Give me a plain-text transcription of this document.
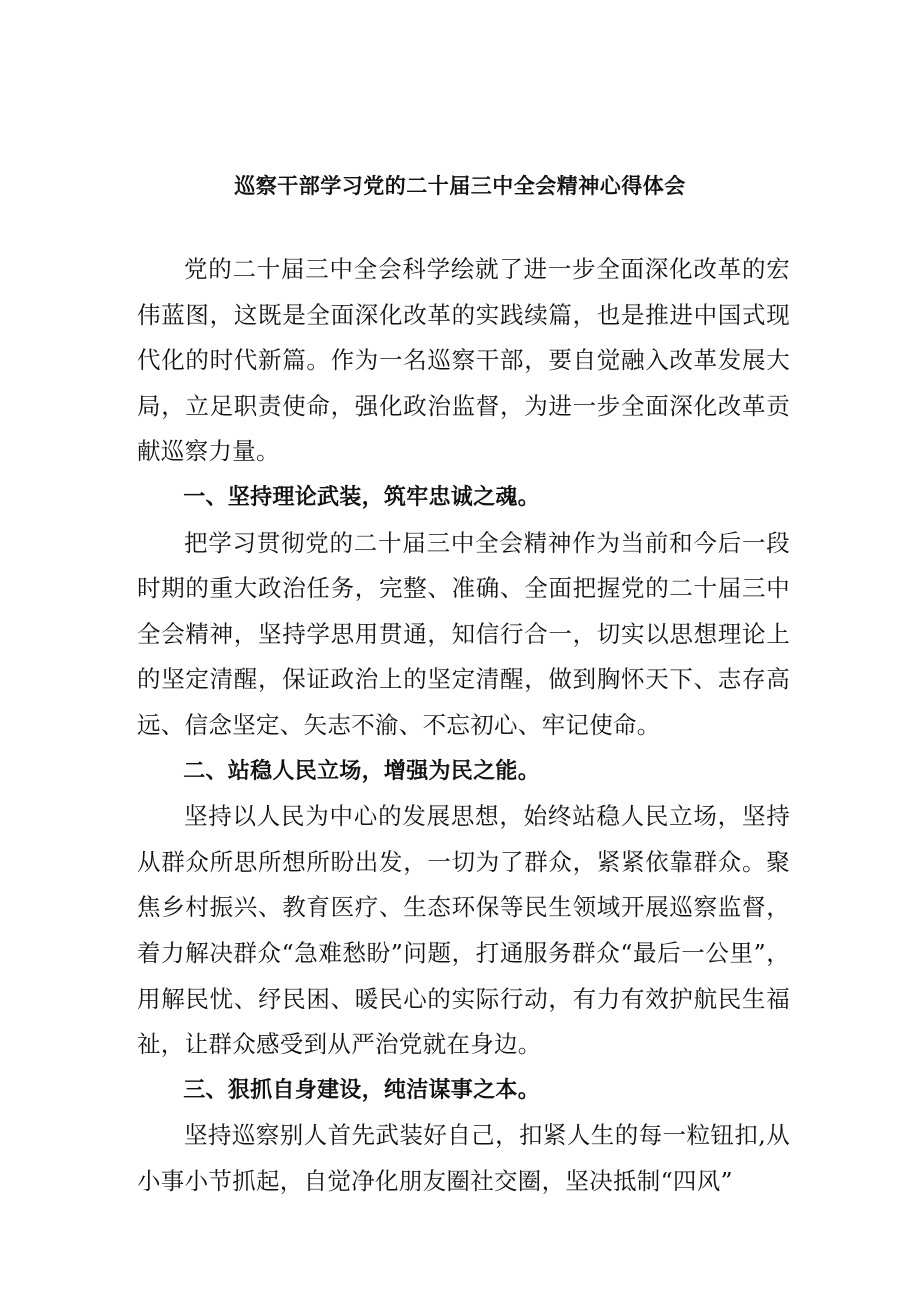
巡察干部学习党的二十届三中全会精神心得体会

党的二十届三中全会科学绘就了进一步全面深化改革的宏伟蓝图，这既是全面深化改革的实践续篇，也是推进中国式现代化的时代新篇。作为一名巡察干部，要自觉融入改革发展大局，立足职责使命，强化政治监督，为进一步全面深化改革贡献巡察力量。

一、坚持理论武装，筑牢忠诚之魂。

把学习贯彻党的二十届三中全会精神作为当前和今后一段时期的重大政治任务，完整、准确、全面把握党的二十届三中全会精神，坚持学思用贯通，知信行合一，切实以思想理论上的坚定清醒，保证政治上的坚定清醒，做到胸怀天下、志存高远、信念坚定、矢志不渝、不忘初心、牢记使命。

二、站稳人民立场，增强为民之能。

坚持以人民为中心的发展思想，始终站稳人民立场，坚持从群众所思所想所盼出发，一切为了群众，紧紧依靠群众。聚焦乡村振兴、教育医疗、生态环保等民生领域开展巡察监督，着力解决群众“急难愁盼”问题，打通服务群众“最后一公里”，用解民忧、纾民困、暖民心的实际行动，有力有效护航民生福祉，让群众感受到从严治党就在身边。

三、狠抓自身建设，纯洁谋事之本。

坚持巡察别人首先武装好自己，扣紧人生的每一粒钮扣,从小事小节抓起，自觉净化朋友圈社交圈，坚决抵制“四风”
